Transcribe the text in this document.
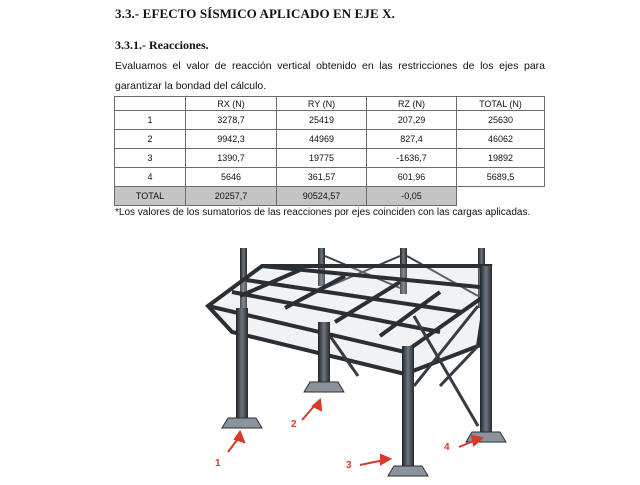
3.3.- EFECTO SÍSMICO APLICADO EN EJE X.
3.3.1.- Reacciones.
Evaluamos el valor de reacción vertical obtenido en las restricciones de los ejes para garantizar la bondad del cálculo.
	RX (N)	RY (N)	RZ (N)	TOTAL (N)
1	3278,7	25419	207,29	25630
2	9942,3	44969	827,4	46062
3	1390,7	19775	-1636,7	19892
4	5646	361,57	601,96	5689,5
TOTAL	20257,7	90524,57	-0,05	
*Los valores de los sumatorios de las reacciones por ejes coinciden con las cargas aplicadas.
1
2
3
4
